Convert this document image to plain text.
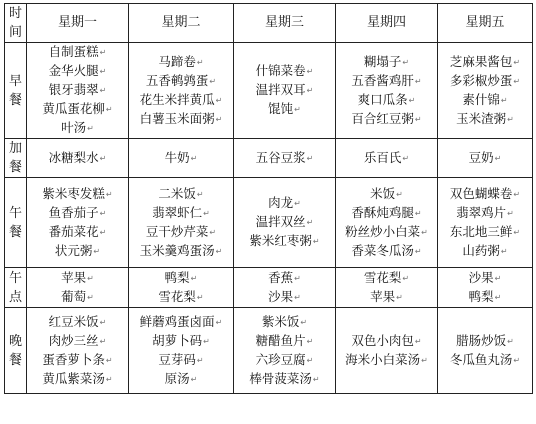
时间	星期一	星期二	星期三	星期四	星期五
早餐	自制蛋糕 ↵
金华火腿 ↵
银牙翡翠 ↵
黄瓜蛋花柳 ↵
叶汤 ↵	马蹄卷 ↵
五香鹌鹑蛋 ↵
花生米拌黄瓜 ↵
白薯玉米面粥 ↵	什锦菜卷 ↵
温拌双耳 ↵
馄饨 ↵	糊塌子 ↵
五香酱鸡肝 ↵
爽口瓜条 ↵
百合红豆粥 ↵	芝麻果酱包 ↵
多彩椒炒蛋 ↵
素什锦 ↵
玉米渣粥 ↵

加餐	冰糖梨水 ↵	牛奶 ↵	五谷豆浆 ↵	乐百氏 ↵	豆奶 ↵

午餐	紫米枣发糕 ↵
鱼香茄子 ↵
番茄菜花 ↵
状元粥 ↵	二米饭 ↵
翡翠虾仁 ↵
豆干炒芹菜 ↵
玉米羹鸡蛋汤 ↵	肉龙 ↵
温拌双丝 ↵
紫米红枣粥 ↵	米饭 ↵
香酥炖鸡腿 ↵
粉丝炒小白菜 ↵
香菜冬瓜汤 ↵	双色蝴蝶卷 ↵
翡翠鸡片 ↵
东北地三鲜 ↵
山药粥 ↵

午点	苹果 ↵
葡萄 ↵	鸭梨 ↵
雪花梨 ↵	香蕉 ↵
沙果 ↵	雪花梨 ↵
苹果 ↵	沙果 ↵
鸭梨 ↵

晚餐	红豆米饭 ↵
肉炒三丝 ↵
蛋香萝卜条 ↵
黄瓜紫菜汤 ↵	鲜蘑鸡蛋卤面 ↵
胡萝卜码 ↵
豆芽码 ↵
原汤 ↵	紫米饭 ↵
糖醋鱼片 ↵
六珍豆腐 ↵
棒骨菠菜汤 ↵	双色小肉包 ↵
海米小白菜汤 ↵	腊肠炒饭 ↵
冬瓜鱼丸汤 ↵
